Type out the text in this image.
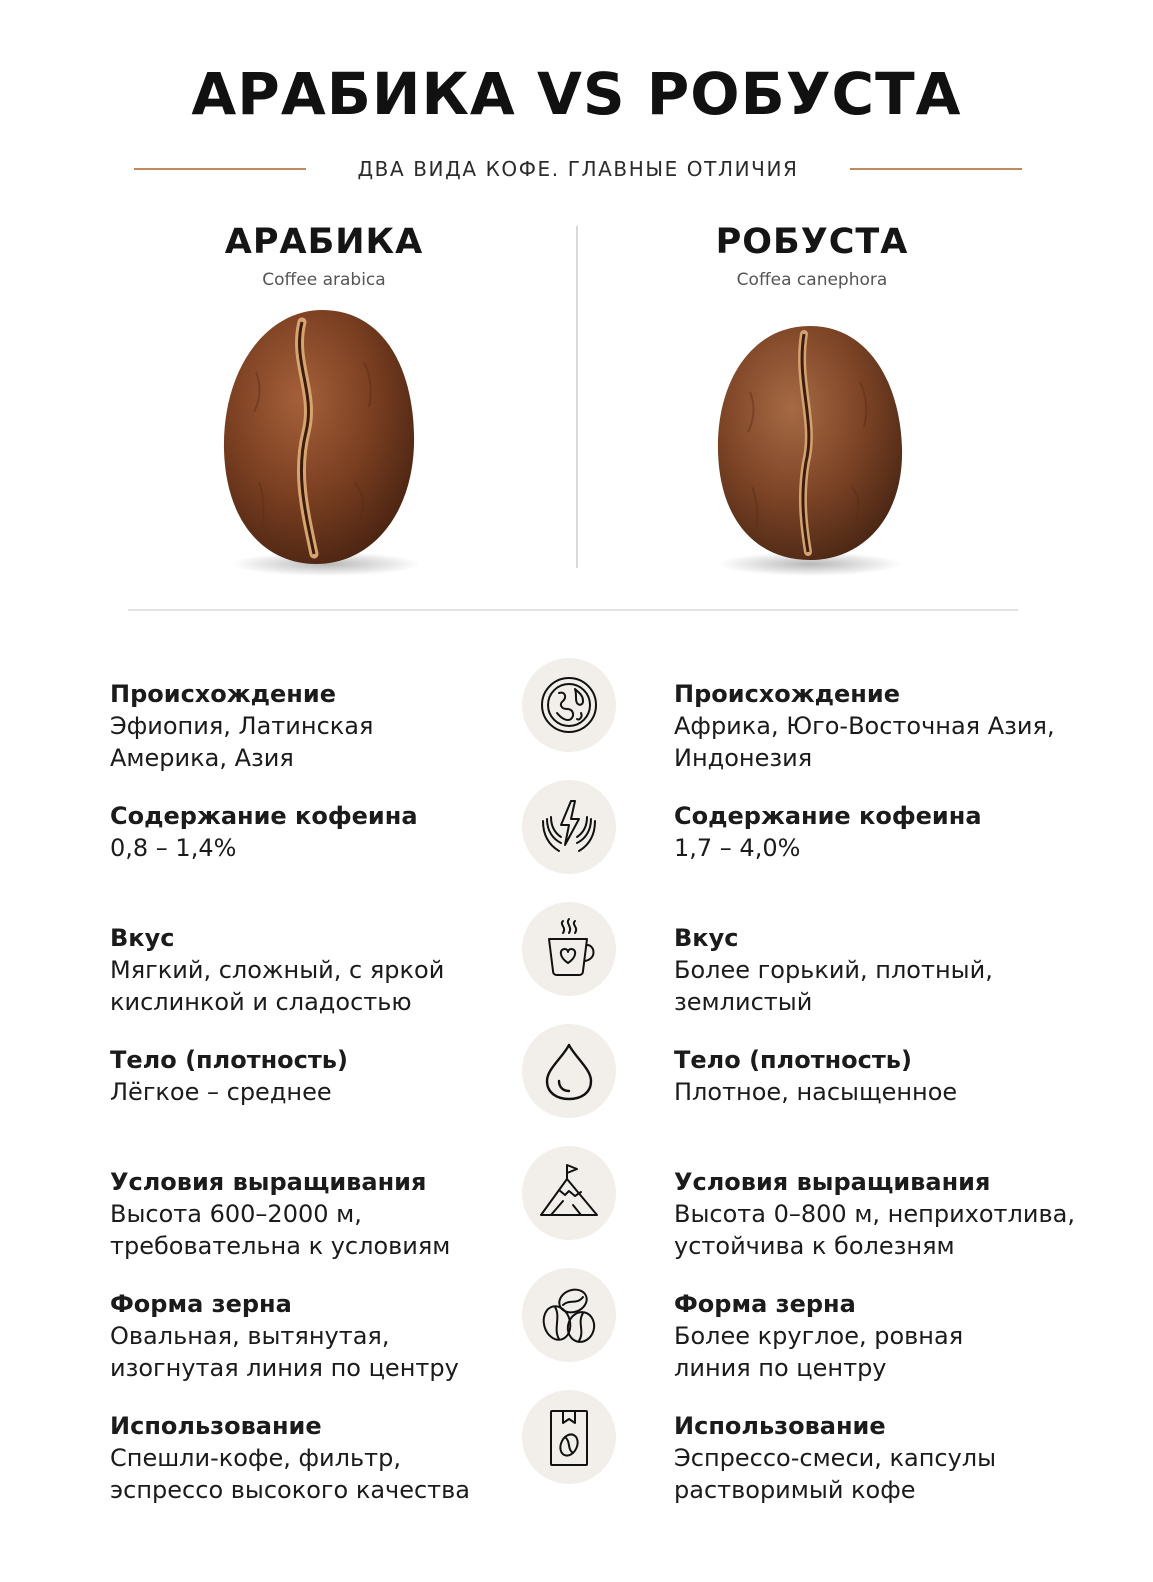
АРАБИКА VS РОБУСТА
ДВА ВИДА КОФЕ. ГЛАВНЫЕ ОТЛИЧИЯ
АРАБИКА
Coffee arabica
РОБУСТА
Coffea canephora
Происхождение
Эфиопия, Латинская
Америка, Азия
Происхождение
Африка, Юго-Восточная Азия,
Индонезия
Содержание кофеина
0,8 – 1,4%
Содержание кофеина
1,7 – 4,0%
Вкус
Мягкий, сложный, с яркой
кислинкой и сладостью
Вкус
Более горький, плотный,
землистый
Тело (плотность)
Лёгкое – среднее
Тело (плотность)
Плотное, насыщенное
Условия выращивания
Высота 600–2000 м,
требовательна к условиям
Условия выращивания
Высота 0–800 м, неприхотлива,
устойчива к болезням
Форма зерна
Овальная, вытянутая,
изогнутая линия по центру
Форма зерна
Более круглое, ровная
линия по центру
Использование
Спешли-кофе, фильтр,
эспрессо высокого качества
Использование
Эспрессо-смеси, капсулы
растворимый кофе
